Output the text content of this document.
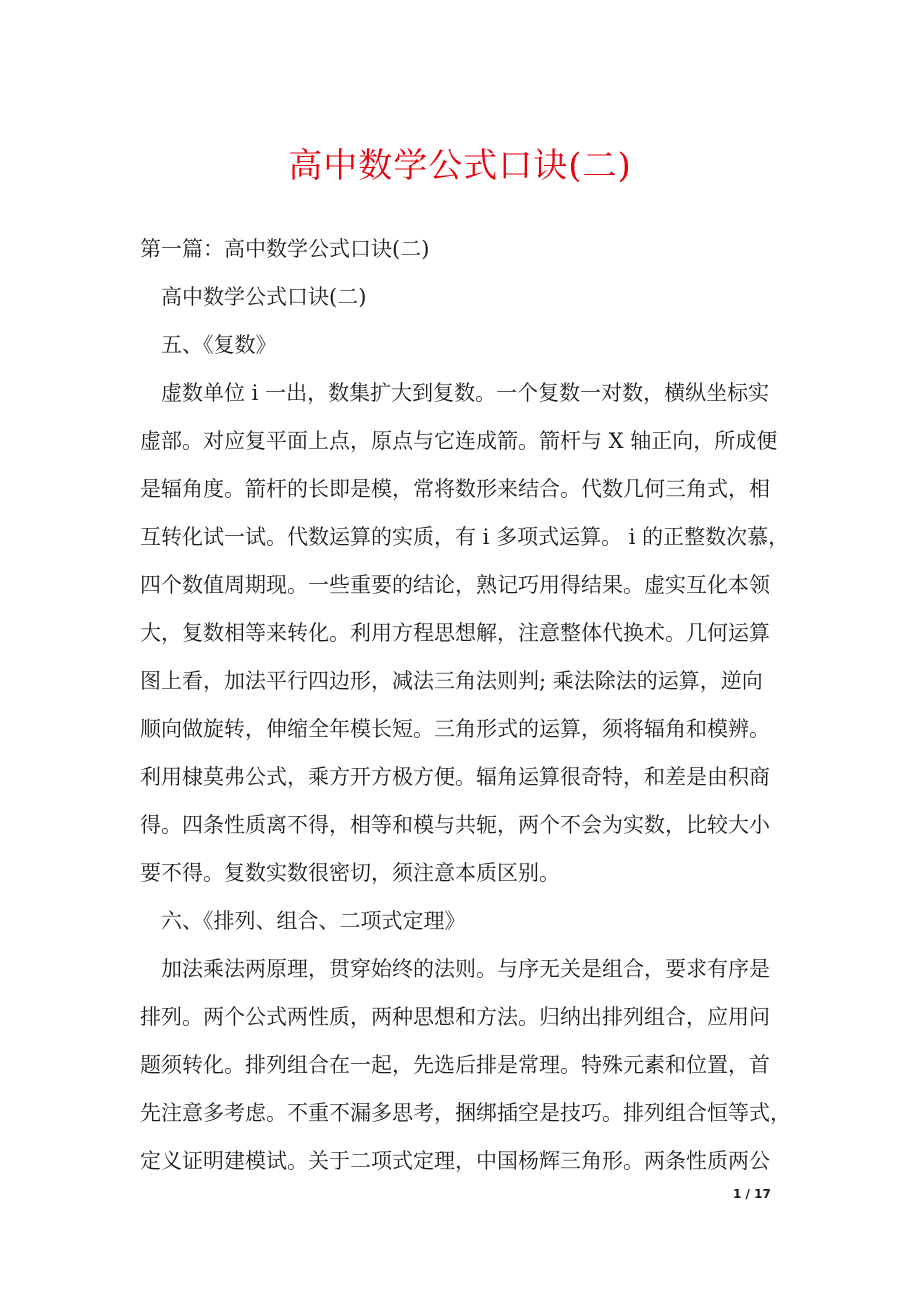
高中数学公式口诀(二)

第一篇：高中数学公式口诀(二)

高中数学公式口诀(二)

五、《复数》

虚数单位 i 一出，数集扩大到复数。一个复数一对数，横纵坐标实

虚部。对应复平面上点，原点与它连成箭。箭杆与 X 轴正向，所成便

是辐角度。箭杆的长即是模，常将数形来结合。代数几何三角式，相

互转化试一试。代数运算的实质，有 i 多项式运算。 i 的正整数次慕，

四个数值周期现。一些重要的结论，熟记巧用得结果。虚实互化本领

大，复数相等来转化。利用方程思想解，注意整体代换术。几何运算

图上看，加法平行四边形，减法三角法则判; 乘法除法的运算，逆向

顺向做旋转，伸缩全年模长短。三角形式的运算，须将辐角和模辨。

利用棣莫弗公式，乘方开方极方便。辐角运算很奇特，和差是由积商

得。四条性质离不得，相等和模与共轭，两个不会为实数，比较大小

要不得。复数实数很密切，须注意本质区别。

六、《排列、组合、二项式定理》

加法乘法两原理，贯穿始终的法则。与序无关是组合，要求有序是

排列。两个公式两性质，两种思想和方法。归纳出排列组合，应用问

题须转化。排列组合在一起，先选后排是常理。特殊元素和位置，首

先注意多考虑。不重不漏多思考，捆绑插空是技巧。排列组合恒等式，

定义证明建模试。关于二项式定理，中国杨辉三角形。两条性质两公

1 / 17
